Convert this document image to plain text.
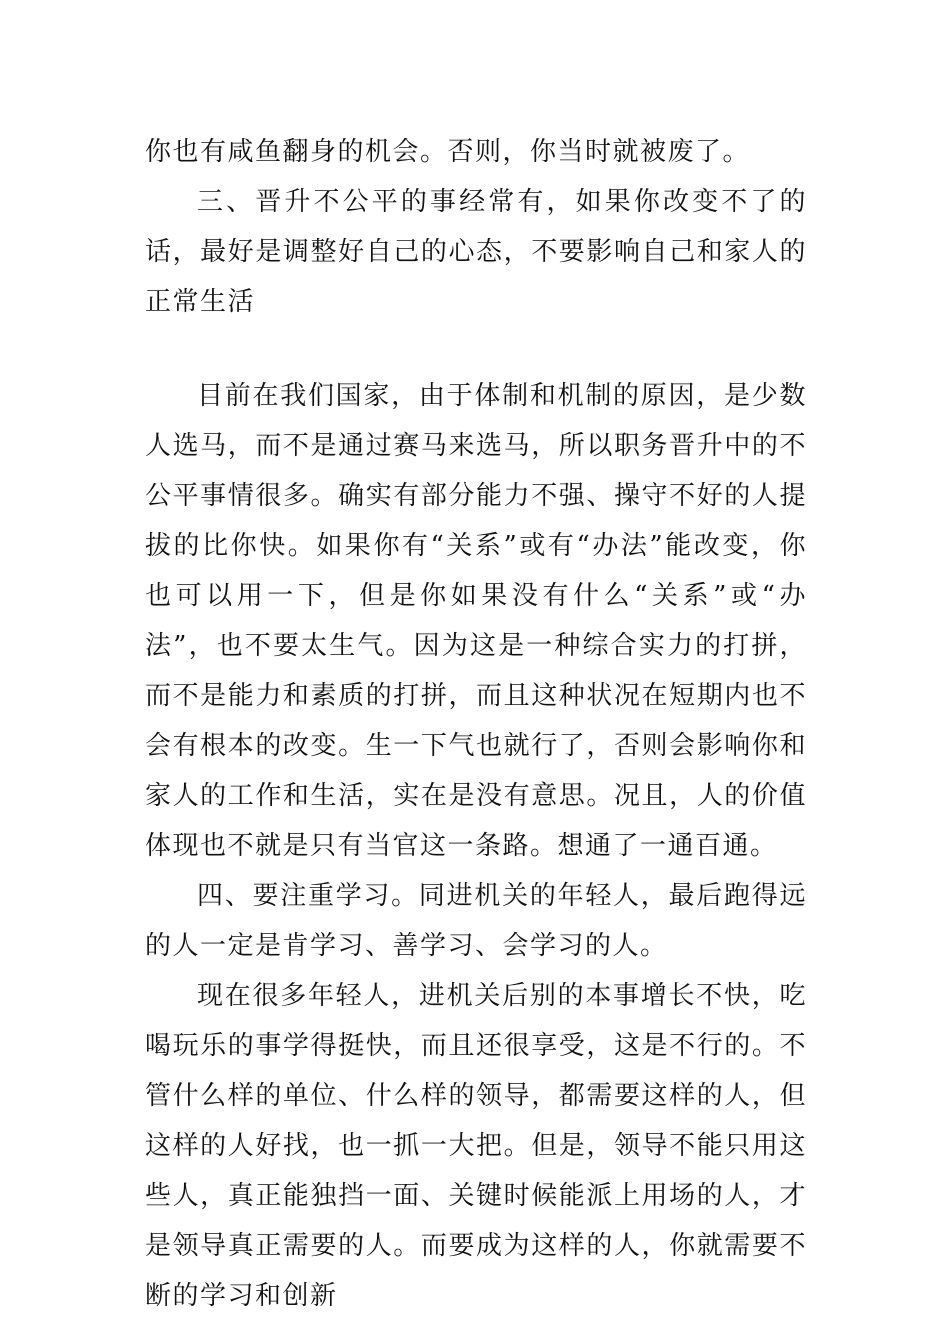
你也有咸鱼翻身的机会。否则，你当时就被废了。

三、晋升不公平的事经常有，如果你改变不了的话，最好是调整好自己的心态，不要影响自己和家人的正常生活

目前在我们国家，由于体制和机制的原因，是少数人选马，而不是通过赛马来选马，所以职务晋升中的不公平事情很多。确实有部分能力不强、操守不好的人提拔的比你快。如果你有“关系”或有“办法”能改变，你也可以用一下，但是你如果没有什么“关系”或“办法”，也不要太生气。因为这是一种综合实力的打拼，而不是能力和素质的打拼，而且这种状况在短期内也不会有根本的改变。生一下气也就行了，否则会影响你和家人的工作和生活，实在是没有意思。况且，人的价值体现也不就是只有当官这一条路。想通了一通百通。

四、要注重学习。同进机关的年轻人，最后跑得远的人一定是肯学习、善学习、会学习的人。

现在很多年轻人，进机关后别的本事增长不快，吃喝玩乐的事学得挺快，而且还很享受，这是不行的。不管什么样的单位、什么样的领导，都需要这样的人，但这样的人好找，也一抓一大把。但是，领导不能只用这些人，真正能独挡一面、关键时候能派上用场的人，才是领导真正需要的人。而要成为这样的人，你就需要不断的学习和创新
